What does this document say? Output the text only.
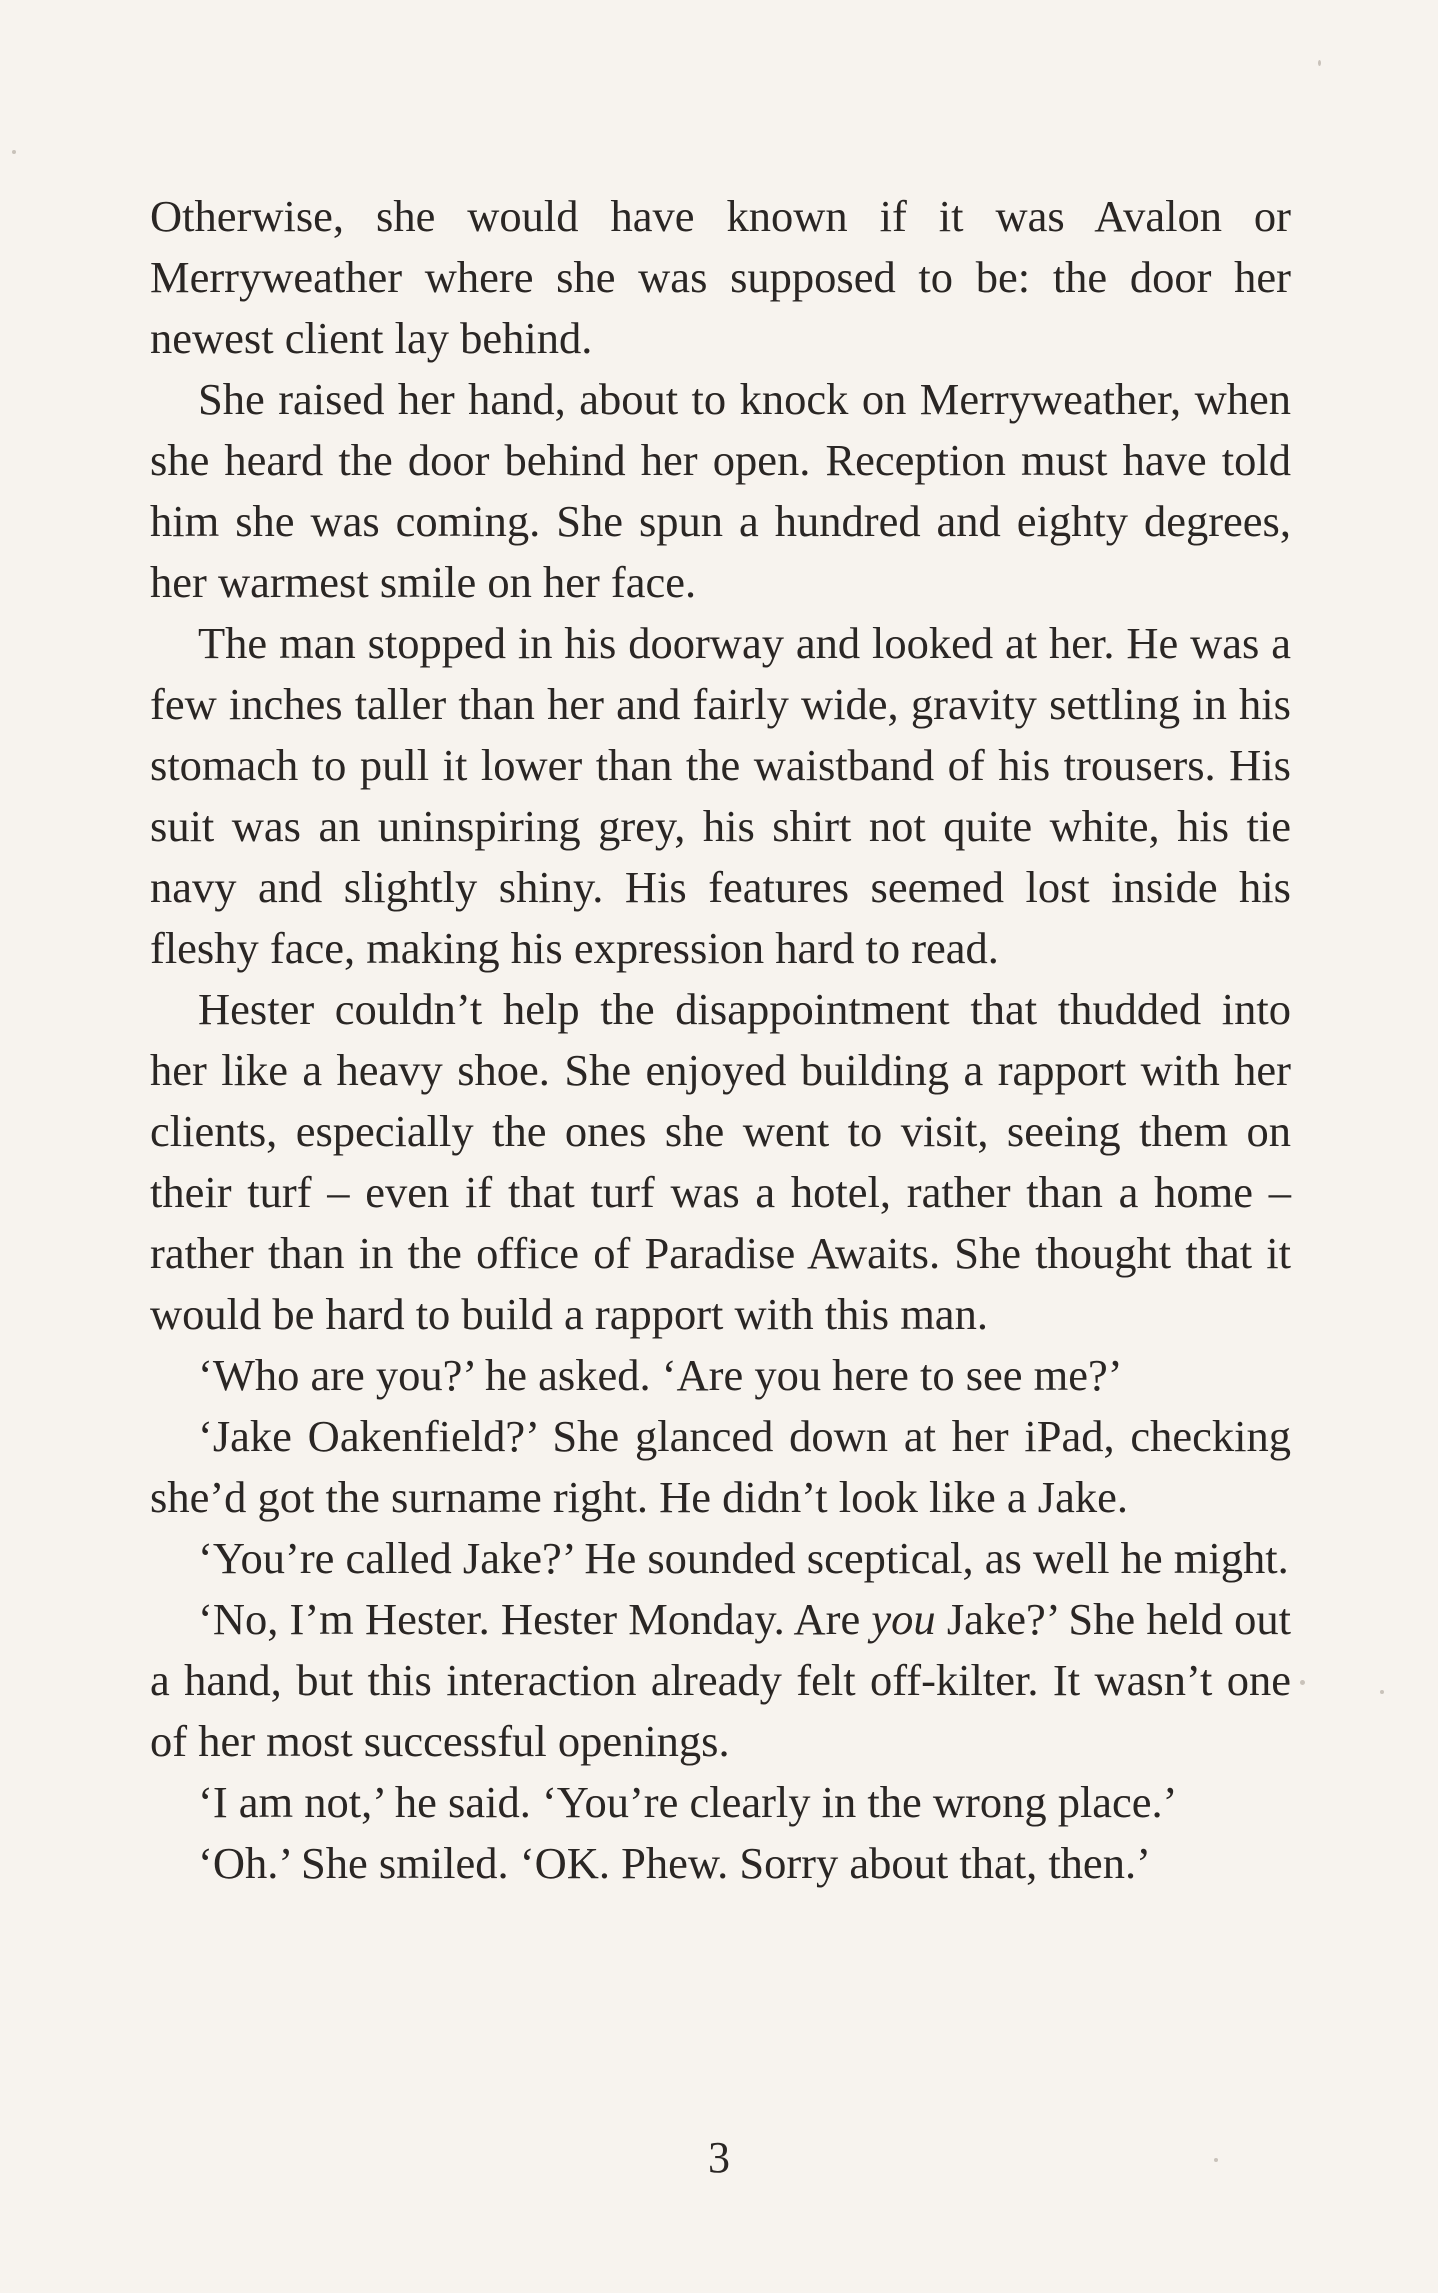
Otherwise, she would have known if it was Avalon or Merryweather where she was supposed to be: the door her newest client lay behind.

She raised her hand, about to knock on Merryweather, when she heard the door behind her open. Reception must have told him she was coming. She spun a hundred and eighty degrees, her warmest smile on her face.

The man stopped in his doorway and looked at her. He was a few inches taller than her and fairly wide, gravity settling in his stomach to pull it lower than the waistband of his trousers. His suit was an uninspiring grey, his shirt not quite white, his tie navy and slightly shiny. His features seemed lost inside his fleshy face, making his expression hard to read.

Hester couldn’t help the disappointment that thudded into her like a heavy shoe. She enjoyed building a rapport with her clients, especially the ones she went to visit, seeing them on their turf – even if that turf was a hotel, rather than a home – rather than in the office of Paradise Awaits. She thought that it would be hard to build a rapport with this man.

‘Who are you?’ he asked. ‘Are you here to see me?’

‘Jake Oakenfield?’ She glanced down at her iPad, checking she’d got the surname right. He didn’t look like a Jake.

‘You’re called Jake?’ He sounded sceptical, as well he might.

‘No, I’m Hester. Hester Monday. Are you Jake?’ She held out a hand, but this interaction already felt off-kilter. It wasn’t one of her most successful openings.

‘I am not,’ he said. ‘You’re clearly in the wrong place.’

‘Oh.’ She smiled. ‘OK. Phew. Sorry about that, then.’

3
